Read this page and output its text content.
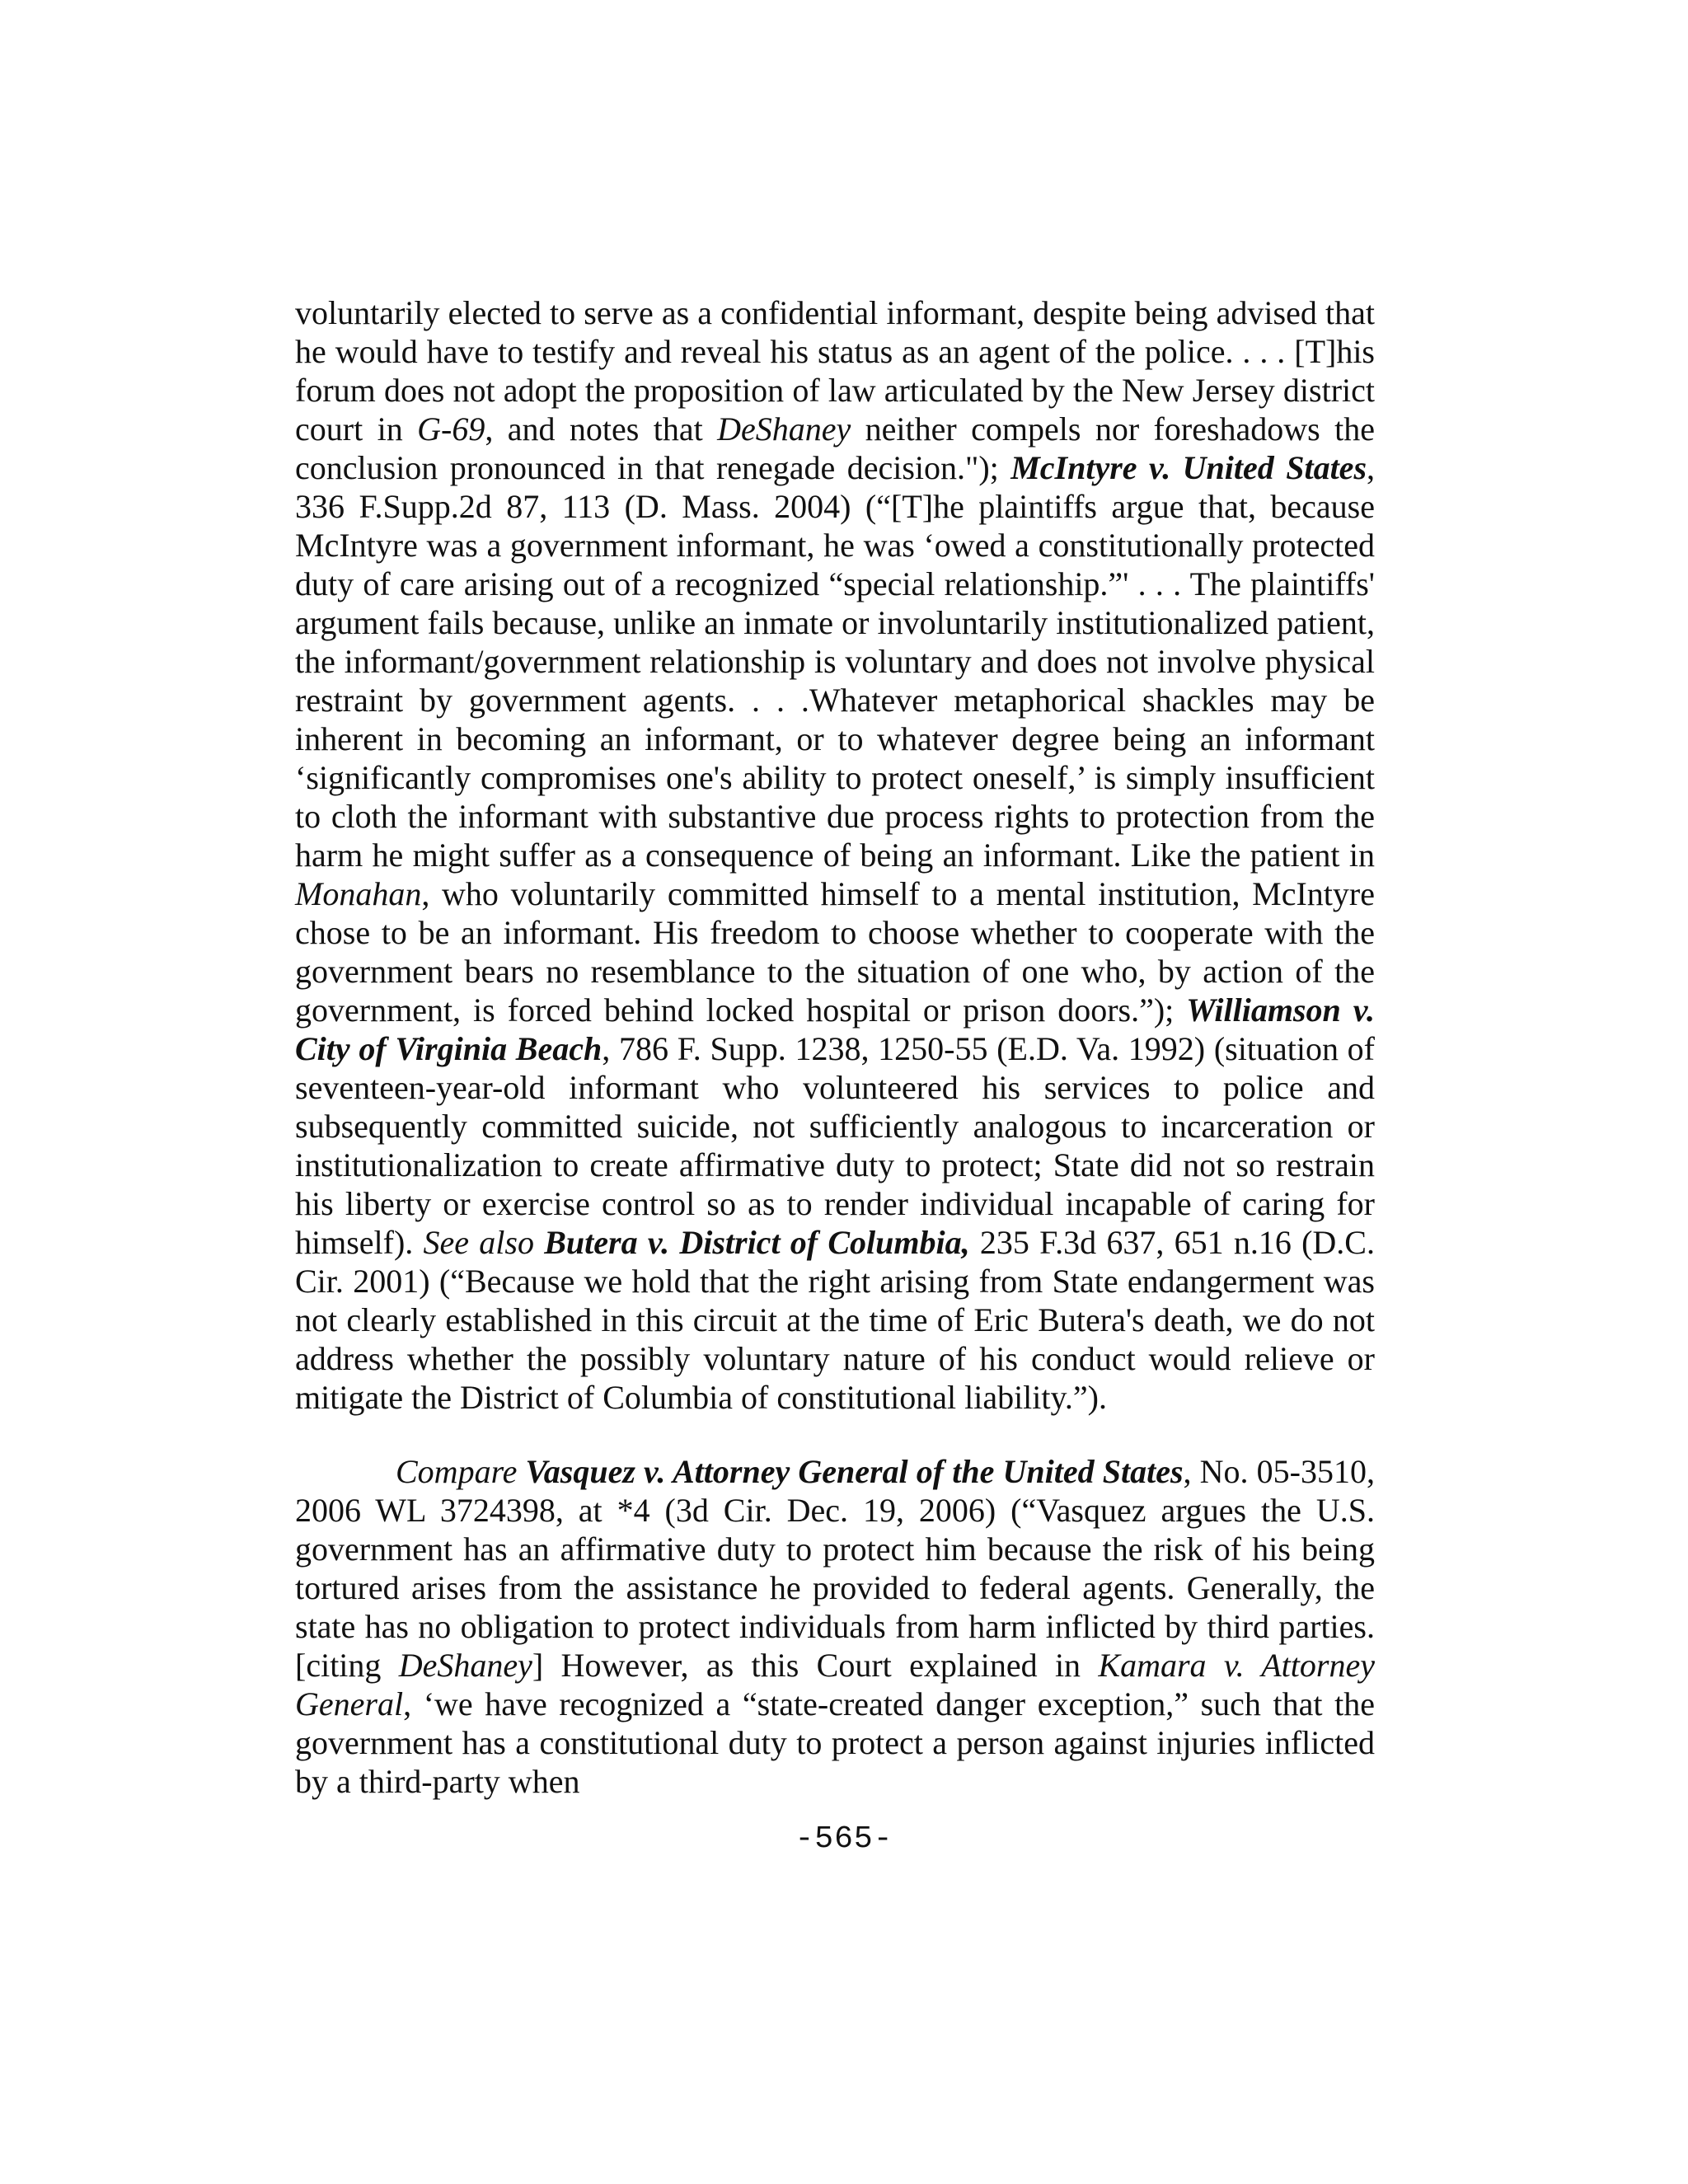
voluntarily elected to serve as a confidential informant, despite being advised that he would have to testify and reveal his status as an agent of the police. . . . [T]his forum does not adopt the proposition of law articulated by the New Jersey district court in G-69, and notes that DeShaney neither compels nor foreshadows the conclusion pronounced in that renegade decision."); McIntyre v. United States, 336 F.Supp.2d 87, 113 (D. Mass. 2004) (“[T]he plaintiffs argue that, because McIntyre was a government informant, he was ‘owed a constitutionally protected duty of care arising out of a recognized “special relationship.”' . . . The plaintiffs' argument fails because, unlike an inmate or involuntarily institutionalized patient, the informant/government relationship is voluntary and does not involve physical restraint by government agents. . . .Whatever metaphorical shackles may be inherent in becoming an informant, or to whatever degree being an informant ‘significantly compromises one's ability to protect oneself,’ is simply insufficient to cloth the informant with substantive due process rights to protection from the harm he might suffer as a consequence of being an informant. Like the patient in Monahan, who voluntarily committed himself to a mental institution, McIntyre chose to be an informant. His freedom to choose whether to cooperate with the government bears no resemblance to the situation of one who, by action of the government, is forced behind locked hospital or prison doors.”); Williamson v. City of Virginia Beach, 786 F. Supp. 1238, 1250-55 (E.D. Va. 1992) (situation of seventeen-year-old informant who volunteered his services to police and subsequently committed suicide, not sufficiently analogous to incarceration or institutionalization to create affirmative duty to protect; State did not so restrain his liberty or exercise control so as to render individual incapable of caring for himself). See also Butera v. District of Columbia, 235 F.3d 637, 651 n.16 (D.C. Cir. 2001) (“Because we hold that the right arising from State endangerment was not clearly established in this circuit at the time of Eric Butera's death, we do not address whether the possibly voluntary nature of his conduct would relieve or mitigate the District of Columbia of constitutional liability.”).

Compare Vasquez v. Attorney General of the United States, No. 05-3510, 2006 WL 3724398, at *4 (3d Cir. Dec. 19, 2006) (“Vasquez argues the U.S. government has an affirmative duty to protect him because the risk of his being tortured arises from the assistance he provided to federal agents. Generally, the state has no obligation to protect individuals from harm inflicted by third parties. [citing DeShaney] However, as this Court explained in Kamara v. Attorney General, ‘we have recognized a “state-created danger exception,” such that the government has a constitutional duty to protect a person against injuries inflicted by a third-party when

-565-
